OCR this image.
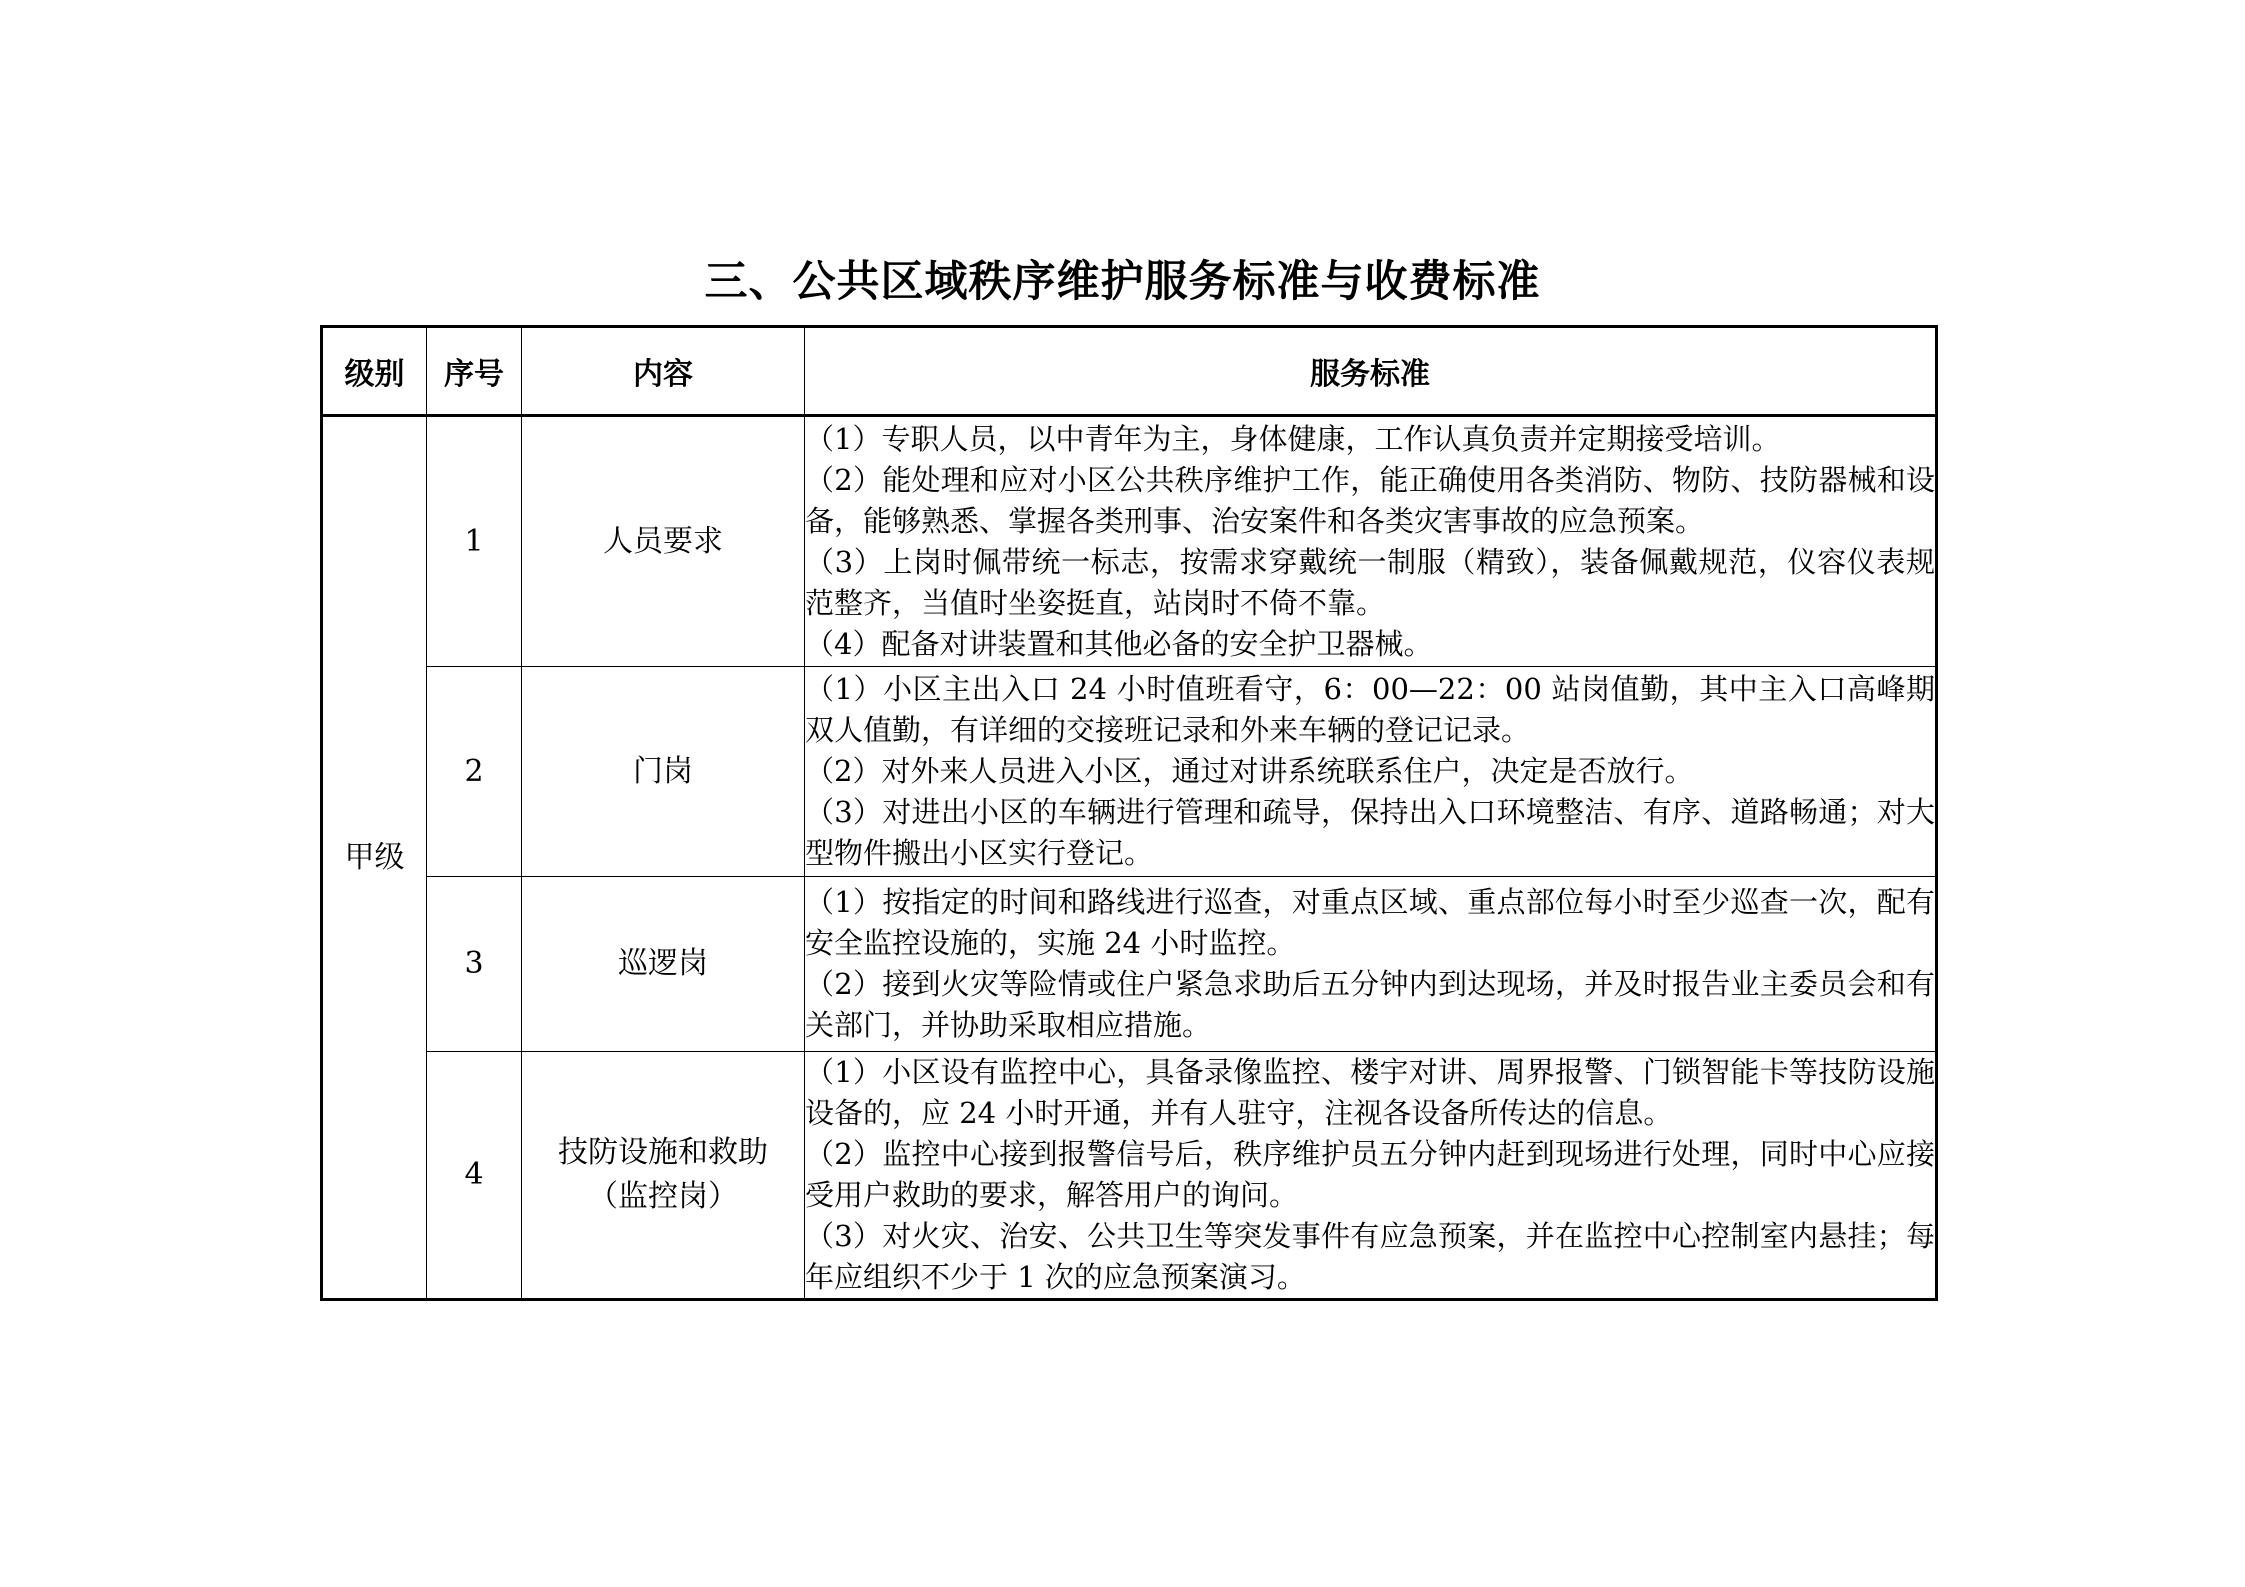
三、公共区域秩序维护服务标准与收费标准
级别	序号	内容	服务标准
甲级	1	人员要求	（1）专职人员，以中青年为主，身体健康，工作认真负责并定期接受培训。
（2）能处理和应对小区公共秩序维护工作，能正确使用各类消防、物防、技防器械和设备，能够熟悉、掌握各类刑事、治安案件和各类灾害事故的应急预案。
（3）上岗时佩带统一标志，按需求穿戴统一制服（精致），装备佩戴规范，仪容仪表规范整齐，当值时坐姿挺直，站岗时不倚不靠。
（4）配备对讲装置和其他必备的安全护卫器械。

	2	门岗	（1）小区主出入口 24 小时值班看守，6：00—22：00 站岗值勤，其中主入口高峰期双人值勤，有详细的交接班记录和外来车辆的登记记录。
（2）对外来人员进入小区，通过对讲系统联系住户，决定是否放行。
（3）对进出小区的车辆进行管理和疏导，保持出入口环境整洁、有序、道路畅通；对大型物件搬出小区实行登记。

	3	巡逻岗	（1）按指定的时间和路线进行巡查，对重点区域、重点部位每小时至少巡查一次，配有安全监控设施的，实施 24 小时监控。
（2）接到火灾等险情或住户紧急求助后五分钟内到达现场，并及时报告业主委员会和有关部门，并协助采取相应措施。

	4	技防设施和救助
（监控岗）	（1）小区设有监控中心，具备录像监控、楼宇对讲、周界报警、门锁智能卡等技防设施设备的，应 24 小时开通，并有人驻守，注视各设备所传达的信息。
（2）监控中心接到报警信号后，秩序维护员五分钟内赶到现场进行处理，同时中心应接受用户救助的要求，解答用户的询问。
（3）对火灾、治安、公共卫生等突发事件有应急预案，并在监控中心控制室内悬挂；每年应组织不少于 1 次的应急预案演习。
